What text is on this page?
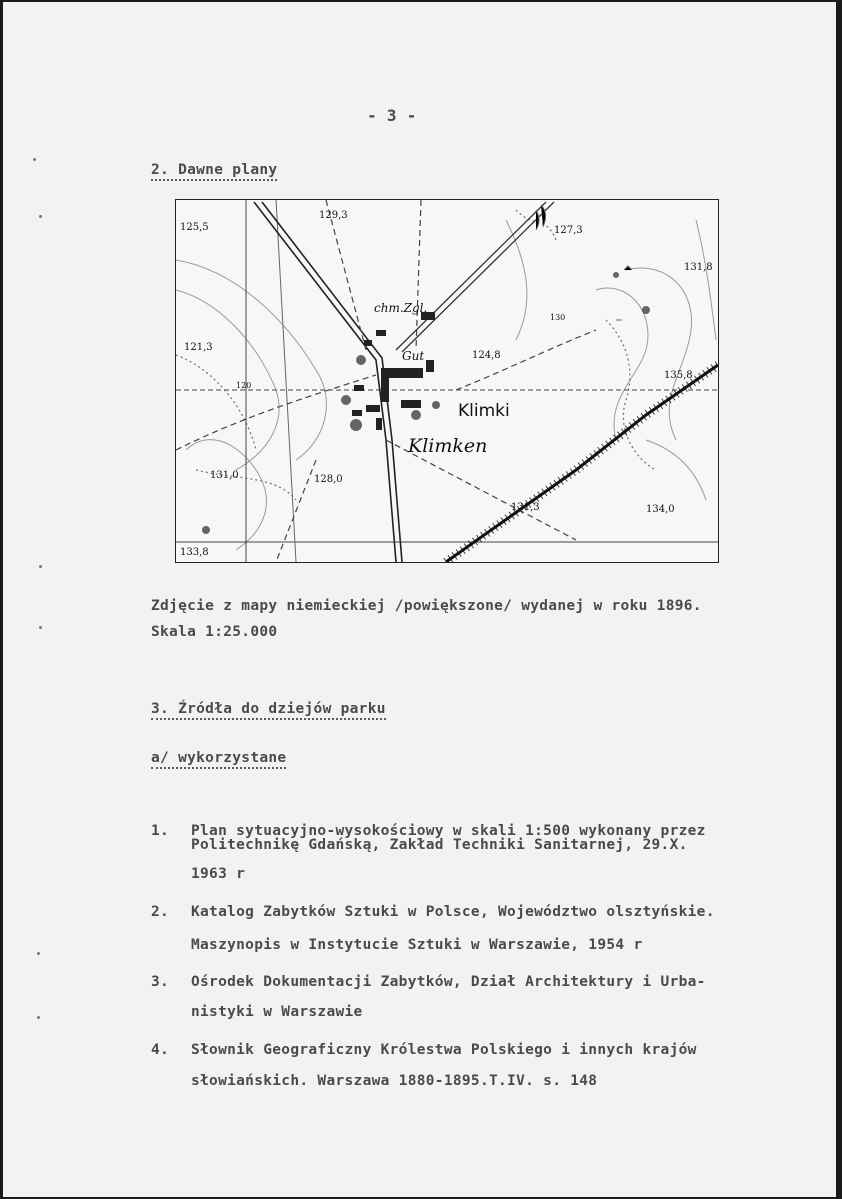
- 3 -
2. Dawne plany
129,3
127,3
125,5
131,8
121,3
130
120
124,8
135,8
131,0	128,0
131,3	134,0
133,8
chm.Zgl.
Gut
Klimki
Klimken
Zdjęcie z mapy niemieckiej /powiększone/ wydanej w roku 1896.
Skala 1:25.000
3. Źródła do dziejów parku
a/ wykorzystane
1. Plan sytuacyjno-wysokościowy w skali 1:500 wykonany przez
Politechnikę Gdańską, Zakład Techniki Sanitarnej, 29.X.
1963 r
2. Katalog Zabytków Sztuki w Polsce, Województwo olsztyńskie.
Maszynopis w Instytucie Sztuki w Warszawie, 1954 r
3. Ośrodek Dokumentacji Zabytków, Dział Architektury i Urba-
nistyki w Warszawie
4. Słownik Geograficzny Królestwa Polskiego i innych krajów
słowiańskich. Warszawa 1880-1895.T.IV. s. 148
